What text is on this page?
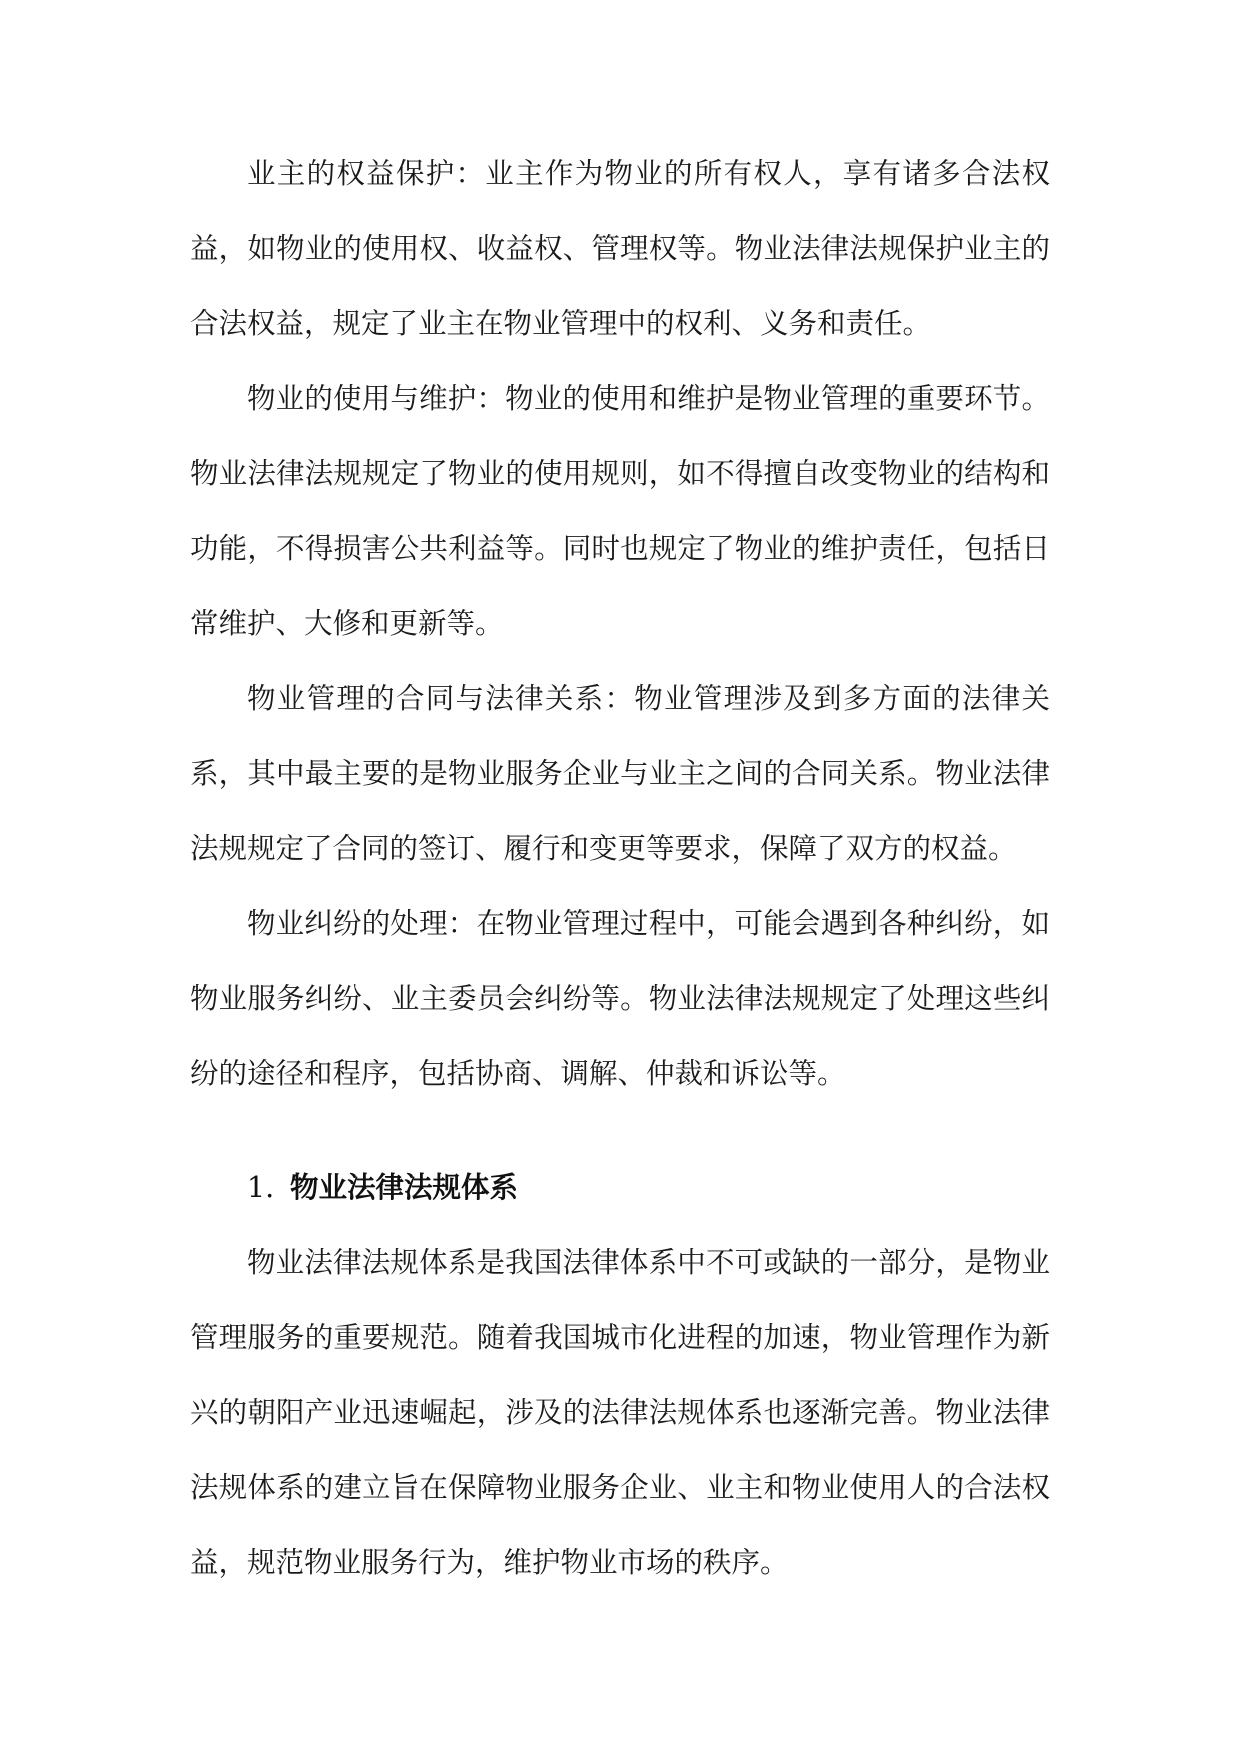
业主的权益保护：业主作为物业的所有权人，享有诸多合法权益，如物业的使用权、收益权、管理权等。物业法律法规保护业主的合法权益，规定了业主在物业管理中的权利、义务和责任。

物业的使用与维护：物业的使用和维护是物业管理的重要环节。物业法律法规规定了物业的使用规则，如不得擅自改变物业的结构和功能，不得损害公共利益等。同时也规定了物业的维护责任，包括日常维护、大修和更新等。

物业管理的合同与法律关系：物业管理涉及到多方面的法律关系，其中最主要的是物业服务企业与业主之间的合同关系。物业法律法规规定了合同的签订、履行和变更等要求，保障了双方的权益。

物业纠纷的处理：在物业管理过程中，可能会遇到各种纠纷，如物业服务纠纷、业主委员会纠纷等。物业法律法规规定了处理这些纠纷的途径和程序，包括协商、调解、仲裁和诉讼等。

1. 物业法律法规体系

物业法律法规体系是我国法律体系中不可或缺的一部分，是物业管理服务的重要规范。随着我国城市化进程的加速，物业管理作为新兴的朝阳产业迅速崛起，涉及的法律法规体系也逐渐完善。物业法律法规体系的建立旨在保障物业服务企业、业主和物业使用人的合法权益，规范物业服务行为，维护物业市场的秩序。
